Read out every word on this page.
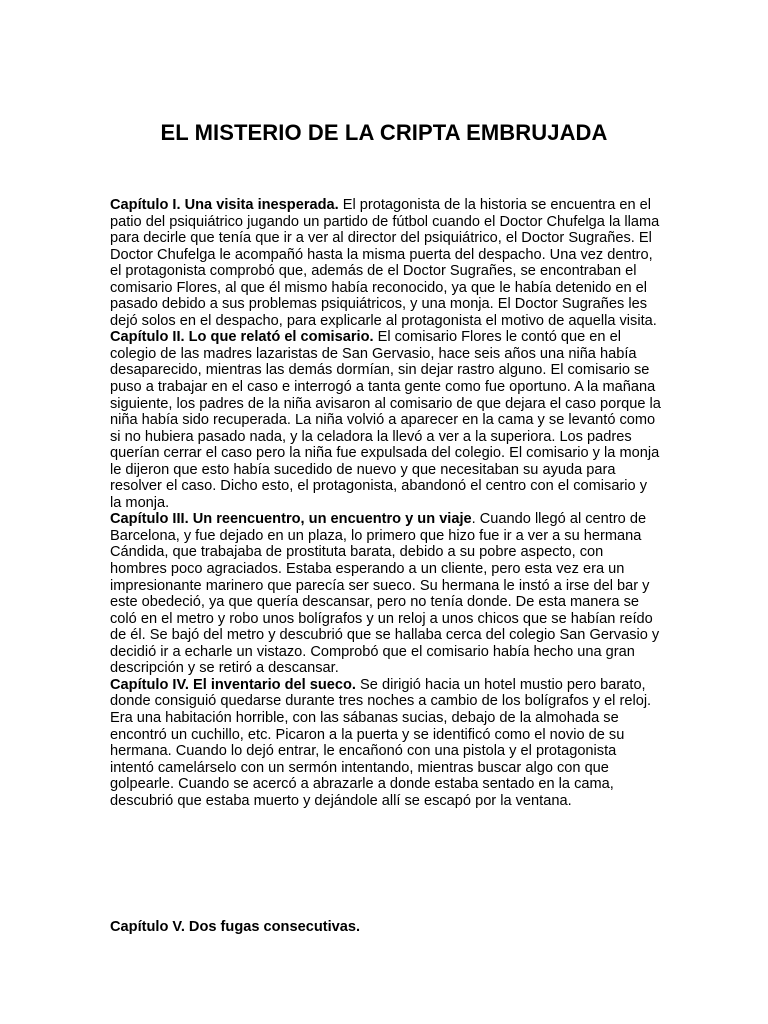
EL MISTERIO DE LA CRIPTA EMBRUJADA

Capítulo I. Una visita inesperada. El protagonista de la historia se encuentra en el patio del psiquiátrico jugando un partido de fútbol cuando el Doctor Chufelga la llama para decirle que tenía que ir a ver al director del psiquiátrico, el Doctor Sugrañes. El Doctor Chufelga le acompañó hasta la misma puerta del despacho. Una vez dentro, el protagonista comprobó que, además de el Doctor Sugrañes, se encontraban el comisario Flores, al que él mismo había reconocido, ya que le había detenido en el pasado debido a sus problemas psiquiátricos, y una monja. El Doctor Sugrañes les dejó solos en el despacho, para explicarle al protagonista el motivo de aquella visita.

Capítulo II. Lo que relató el comisario. El comisario Flores le contó que en el colegio de las madres lazaristas de San Gervasio, hace seis años una niña había desaparecido, mientras las demás dormían, sin dejar rastro alguno. El comisario se puso a trabajar en el caso e interrogó a tanta gente como fue oportuno. A la mañana siguiente, los padres de la niña avisaron al comisario de que dejara el caso porque la niña había sido recuperada. La niña volvió a aparecer en la cama y se levantó como si no hubiera pasado nada, y la celadora la llevó a ver a la superiora. Los padres querían cerrar el caso pero la niña fue expulsada del colegio. El comisario y la monja le dijeron que esto había sucedido de nuevo y que necesitaban su ayuda para resolver el caso. Dicho esto, el protagonista, abandonó el centro con el comisario y la monja.

Capítulo III. Un reencuentro, un encuentro y un viaje. Cuando llegó al centro de Barcelona, y fue dejado en un plaza, lo primero que hizo fue ir a ver a su hermana Cándida, que trabajaba de prostituta barata, debido a su pobre aspecto, con hombres poco agraciados. Estaba esperando a un cliente, pero esta vez era un impresionante marinero que parecía ser sueco. Su hermana le instó a irse del bar y este obedeció, ya que quería descansar, pero no tenía donde. De esta manera se coló en el metro y robo unos bolígrafos y un reloj a unos chicos que se habían reído de él. Se bajó del metro y descubrió que se hallaba cerca del colegio San Gervasio y decidió ir a echarle un vistazo. Comprobó que el comisario había hecho una gran descripción y se retiró a descansar.

Capítulo IV. El inventario del sueco. Se dirigió hacia un hotel mustio pero barato, donde consiguió quedarse durante tres noches a cambio de los bolígrafos y el reloj. Era una habitación horrible, con las sábanas sucias, debajo de la almohada se encontró un cuchillo, etc. Picaron a la puerta y se identificó como el novio de su hermana. Cuando lo dejó entrar, le encañonó con una pistola y el protagonista intentó camelárselo con un sermón intentando, mientras buscar algo con que golpearle. Cuando se acercó a abrazarle a donde estaba sentado en la cama, descubrió que estaba muerto y dejándole allí se escapó por la ventana.

Capítulo V. Dos fugas consecutivas.
